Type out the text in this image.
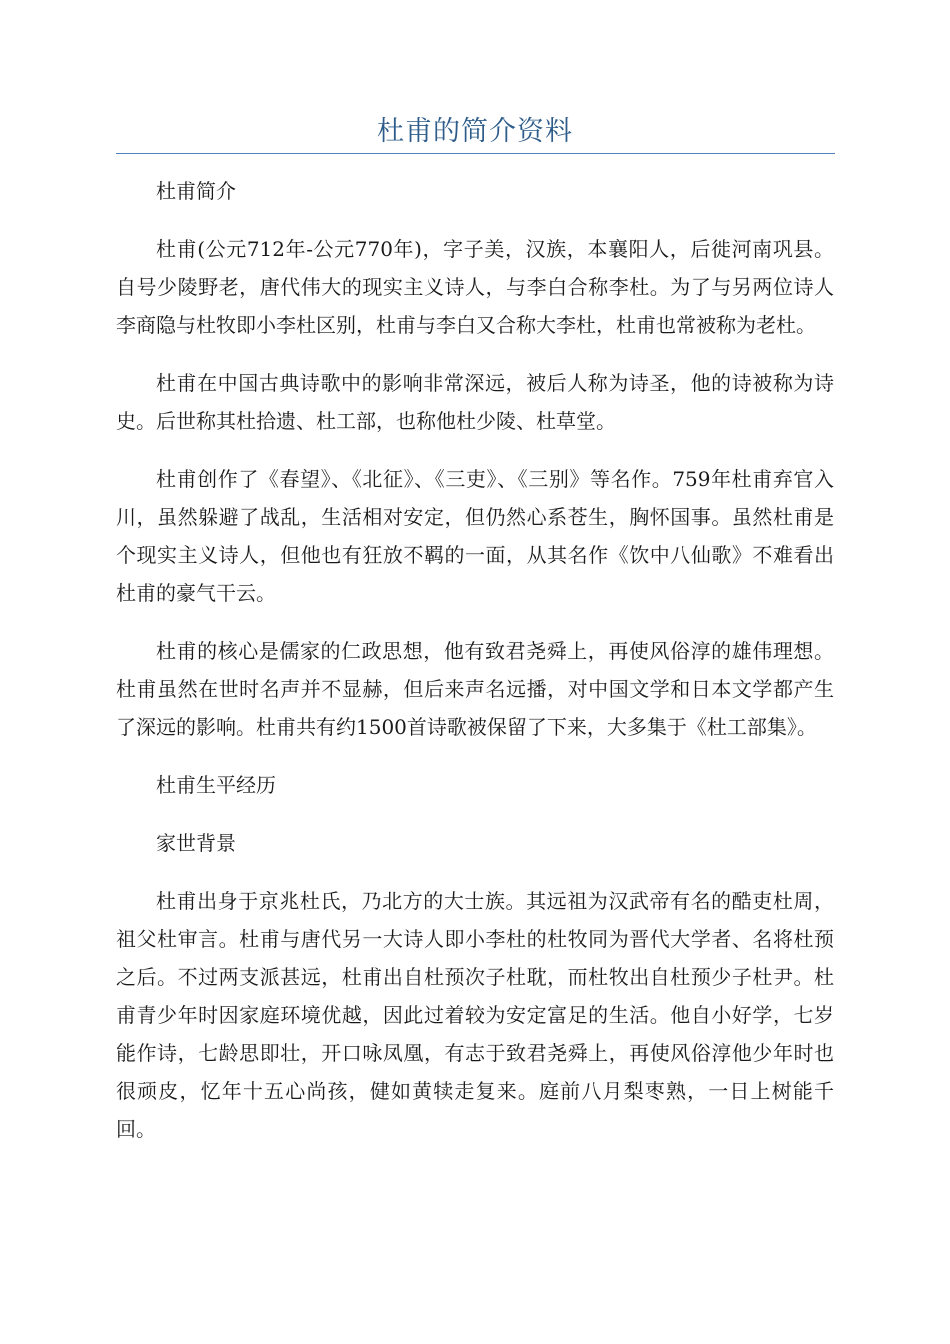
杜甫的简介资料

杜甫简介

杜甫(公元712年-公元770年)，字子美，汉族，本襄阳人，后徙河南巩县。自号少陵野老，唐代伟大的现实主义诗人，与李白合称李杜。为了与另两位诗人李商隐与杜牧即小李杜区别，杜甫与李白又合称大李杜，杜甫也常被称为老杜。

杜甫在中国古典诗歌中的影响非常深远，被后人称为诗圣，他的诗被称为诗史。后世称其杜拾遗、杜工部，也称他杜少陵、杜草堂。

杜甫创作了《春望》、《北征》、《三吏》、《三别》等名作。759年杜甫弃官入川，虽然躲避了战乱，生活相对安定，但仍然心系苍生，胸怀国事。虽然杜甫是个现实主义诗人，但他也有狂放不羁的一面，从其名作《饮中八仙歌》不难看出杜甫的豪气干云。

杜甫的核心是儒家的仁政思想，他有致君尧舜上，再使风俗淳的雄伟理想。杜甫虽然在世时名声并不显赫，但后来声名远播，对中国文学和日本文学都产生了深远的影响。杜甫共有约1500首诗歌被保留了下来，大多集于《杜工部集》。

杜甫生平经历

家世背景

杜甫出身于京兆杜氏，乃北方的大士族。其远祖为汉武帝有名的酷吏杜周，祖父杜审言。杜甫与唐代另一大诗人即小李杜的杜牧同为晋代大学者、名将杜预之后。不过两支派甚远，杜甫出自杜预次子杜耽，而杜牧出自杜预少子杜尹。杜甫青少年时因家庭环境优越，因此过着较为安定富足的生活。他自小好学，七岁能作诗，七龄思即壮，开口咏凤凰，有志于致君尧舜上，再使风俗淳他少年时也很顽皮，忆年十五心尚孩，健如黄犊走复来。庭前八月梨枣熟，一日上树能千回。
